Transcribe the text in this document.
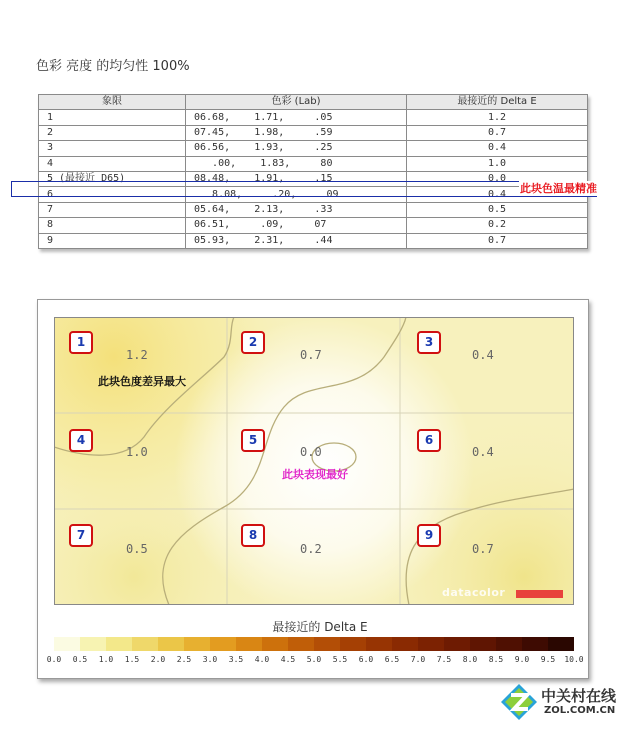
色彩 亮度 的均匀性 100%
象限	色彩 (Lab)	最接近的 Delta E
1	06.68,    1.71,     .05	1.2
2	07.45,    1.98,     .59	0.7
3	06.56,    1.93,     .25	0.4
4	.00,    1.83,     80	1.0
5 (最接近 D65)	08.48,    1.91,     .15	0.0
6	8.08,     .20,     09	0.4
7	05.64,    2.13,     .33	0.5
8	06.51,     .09,     07	0.2
9	05.93,    2.31,     .44	0.7
此块色温最精准
1
1.2
2
0.7
3
0.4
4
1.0
5
0.0
6
0.4
7
0.5
8
0.2
9
0.7
此块色度差异最大
此块表现最好
datacolor
最接近的 Delta E
0.0	0.5	1.0	1.5	2.0	2.5	3.0	3.5	4.0	4.5	5.0	5.5	6.0	6.5	7.0	7.5	8.0	8.5	9.0	9.5	10.0
中关村在线
ZOL.COM.CN
